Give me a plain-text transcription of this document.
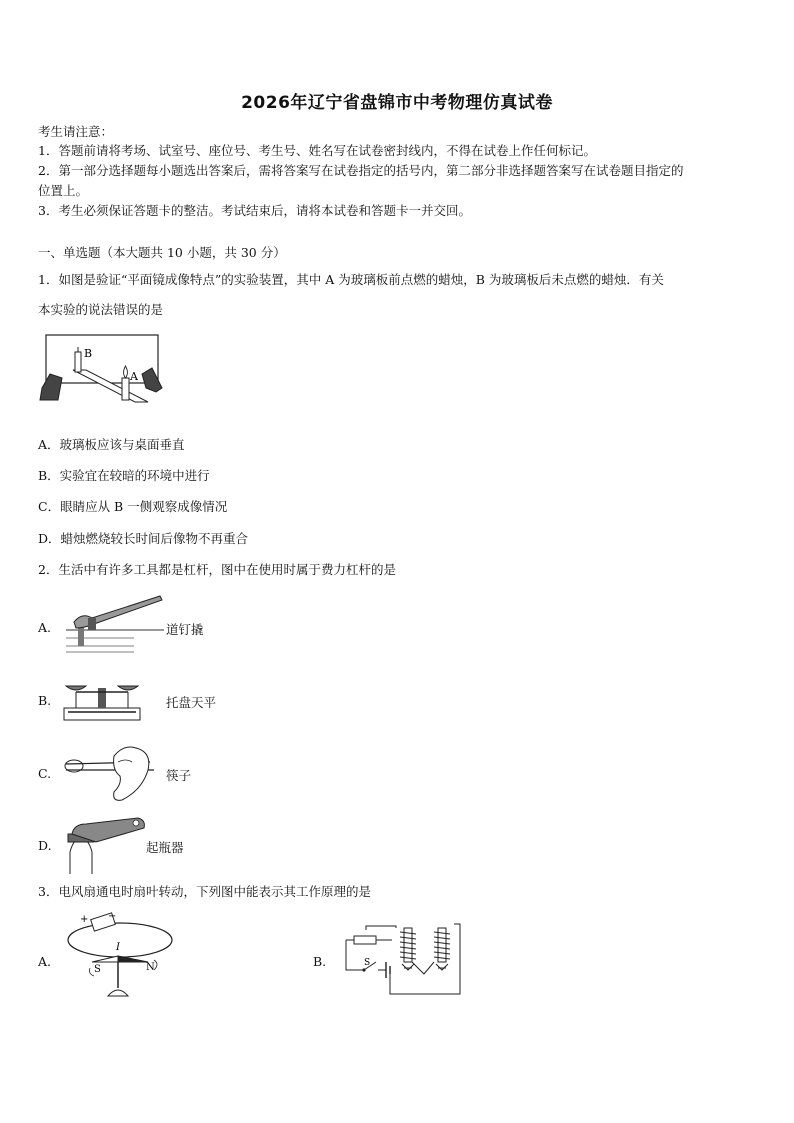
2026年辽宁省盘锦市中考物理仿真试卷
考生请注意：
1．答题前请将考场、试室号、座位号、考生号、姓名写在试卷密封线内，不得在试卷上作任何标记。
2．第一部分选择题每小题选出答案后，需将答案写在试卷指定的括号内，第二部分非选择题答案写在试卷题目指定的
位置上。
3．考生必须保证答题卡的整洁。考试结束后，请将本试卷和答题卡一并交回。
一、单选题（本大题共 10 小题，共 30 分）
1．如图是验证“平面镜成像特点”的实验装置，其中 A 为玻璃板前点燃的蜡烛，B 为玻璃板后未点燃的蜡烛．有关
本实验的说法错误的是
B
A
A．玻璃板应该与桌面垂直
B．实验宜在较暗的环境中进行
C．眼睛应从 B 一侧观察成像情况
D．蜡烛燃烧较长时间后像物不再重合
2．生活中有许多工具都是杠杆，图中在使用时属于费力杠杆的是
A.	道钉撬
B.	托盘天平
C.	筷子
D.	起瓶器
3．电风扇通电时扇叶转动，下列图中能表示其工作原理的是
A.
+ −
I
S	N	B.	S
